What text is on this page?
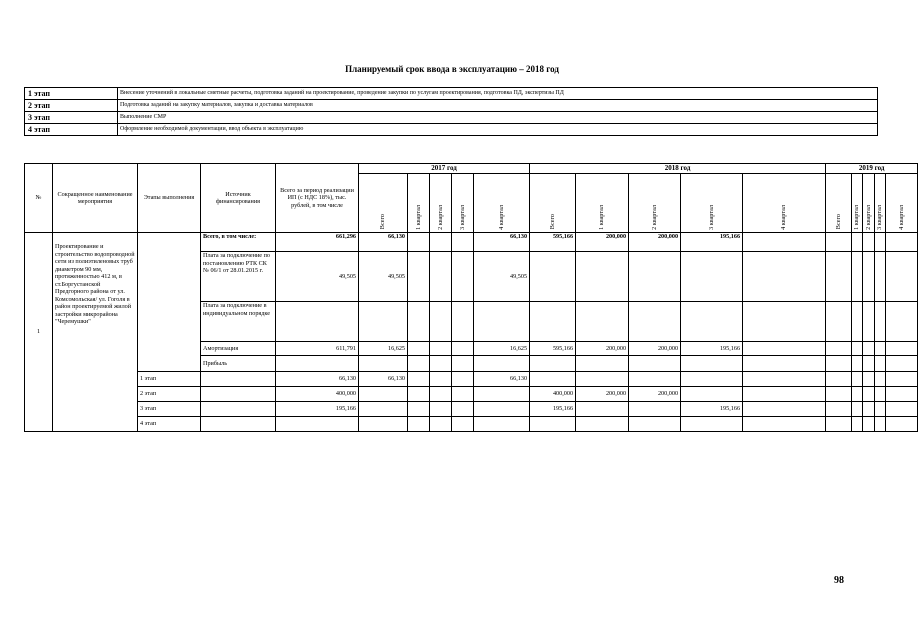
Планируемый срок ввода в эксплуатацию – 2018 год
1 этап	Внесение уточнений в локальные сметные расчеты, подготовка заданий на проектирование, проведение закупки по услугам проектирования, подготовка ПД, экспертизы ПД
2 этап	Подготовка заданий на закупку материалов, закупка и доставка материалов
3 этап	Выполнение СМР
4 этап	Оформление необходимой документации, ввод объекта в эксплуатацию
№	Сокращенное наименование мероприятия	Этапы выполнения	Источник финансирования	Всего за период реализации ИП (с НДС 18%), тыс. рублей, в том числе	2017 год					2018 год					2019 год				
					Всего	1 квартал	2 квартал	3 квартал	4 квартал	Всего	1 квартал	2 квартал	3 квартал	4 квартал	Всего	1 квартал	2 квартал	3 квартал	4 квартал
1	Проектирование и строительство водопроводной сети из полиэтиленовых труб диаметром 90 мм, протяженностью 412 м, в ст.Боргустанской Предгорного района от ул. Комсомольская/ ул. Гоголя в район проектируемой жилой застройки микрорайона "Черемушки"		Всего, в том числе:	661,296	66,130				66,130	595,166	200,000	200,000	195,166						
			Плата за подключение по постановлению РТК СК № 06/1 от 28.01.2015 г.	49,505	49,505				49,505										
			Плата за подключение в индивидуальном порядке																
			Амортизация	611,791	16,625				16,625	595,166	200,000	200,000	195,166						
			Прибыль																
		1 этап		66,130	66,130				66,130										
		2 этап		400,000						400,000	200,000	200,000							
		3 этап		195,166						195,166			195,166						
		4 этап																	
98
